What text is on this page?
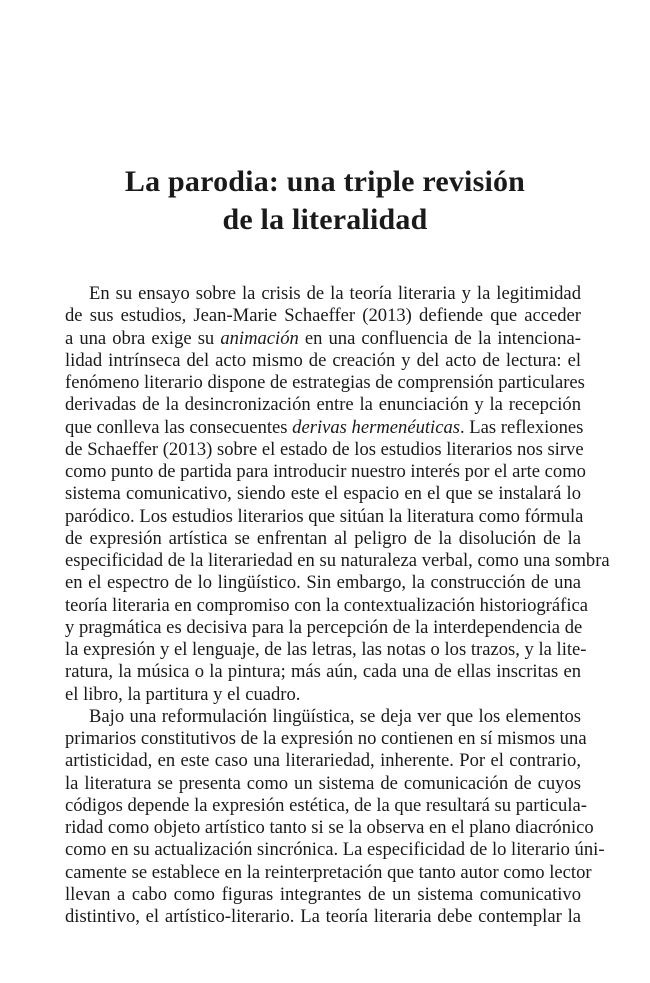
La parodia: una triple revisión
de la literalidad
En su ensayo sobre la crisis de la teoría literaria y la legitimidad
de sus estudios, Jean-Marie Schaeffer (2013) defiende que acceder
a una obra exige su animación en una confluencia de la intenciona-
lidad intrínseca del acto mismo de creación y del acto de lectura: el
fenómeno literario dispone de estrategias de comprensión particulares
derivadas de la desincronización entre la enunciación y la recepción
que conlleva las consecuentes derivas hermenéuticas. Las reflexiones
de Schaeffer (2013) sobre el estado de los estudios literarios nos sirve
como punto de partida para introducir nuestro interés por el arte como
sistema comunicativo, siendo este el espacio en el que se instalará lo
paródico. Los estudios literarios que sitúan la literatura como fórmula
de expresión artística se enfrentan al peligro de la disolución de la
especificidad de la literariedad en su naturaleza verbal, como una sombra
en el espectro de lo lingüístico. Sin embargo, la construcción de una
teoría literaria en compromiso con la contextualización historiográfica
y pragmática es decisiva para la percepción de la interdependencia de
la expresión y el lenguaje, de las letras, las notas o los trazos, y la lite-
ratura, la música o la pintura; más aún, cada una de ellas inscritas en
el libro, la partitura y el cuadro.
Bajo una reformulación lingüística, se deja ver que los elementos
primarios constitutivos de la expresión no contienen en sí mismos una
artisticidad, en este caso una literariedad, inherente. Por el contrario,
la literatura se presenta como un sistema de comunicación de cuyos
códigos depende la expresión estética, de la que resultará su particula-
ridad como objeto artístico tanto si se la observa en el plano diacrónico
como en su actualización sincrónica. La especificidad de lo literario úni-
camente se establece en la reinterpretación que tanto autor como lector
llevan a cabo como figuras integrantes de un sistema comunicativo
distintivo, el artístico-literario. La teoría literaria debe contemplar la
